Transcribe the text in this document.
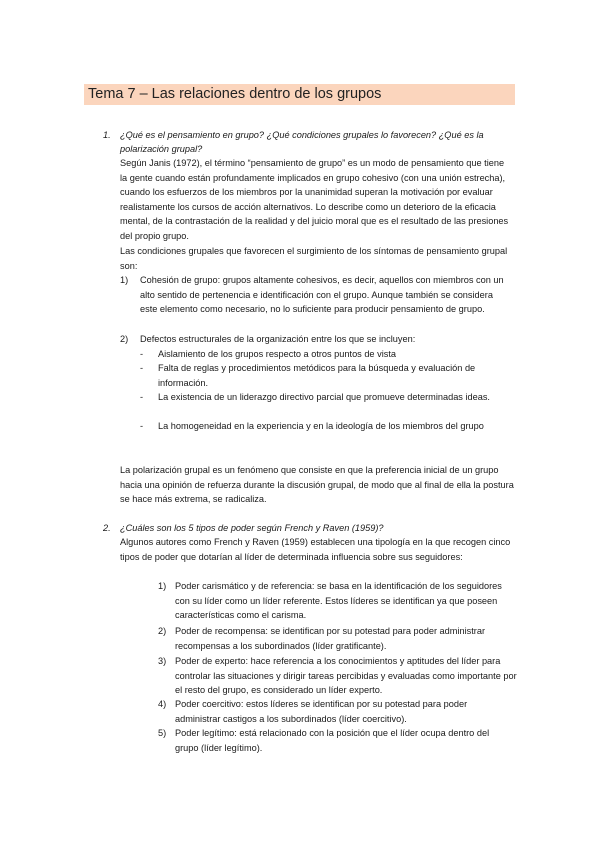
Tema 7 – Las relaciones dentro de los grupos
1. ¿Qué es el pensamiento en grupo? ¿Qué condiciones grupales lo favorecen? ¿Qué es la polarización grupal?
Según Janis (1972), el término “pensamiento de grupo” es un modo de pensamiento que tiene la gente cuando están profundamente implicados en grupo cohesivo (con una unión estrecha), cuando los esfuerzos de los miembros por la unanimidad superan la motivación por evaluar realistamente los cursos de acción alternativos. Lo describe como un deterioro de la eficacia mental, de la contrastación de la realidad y del juicio moral que es el resultado de las presiones del propio grupo.
Las condiciones grupales que favorecen el surgimiento de los síntomas de pensamiento grupal son:
1) Cohesión de grupo: grupos altamente cohesivos, es decir, aquellos con miembros con un alto sentido de pertenencia e identificación con el grupo. Aunque también se considera este elemento como necesario, no lo suficiente para producir pensamiento de grupo.
2) Defectos estructurales de la organización entre los que se incluyen:
- Aislamiento de los grupos respecto a otros puntos de vista
- Falta de reglas y procedimientos metódicos para la búsqueda y evaluación de información.
- La existencia de un liderazgo directivo parcial que promueve determinadas ideas.
- La homogeneidad en la experiencia y en la ideología de los miembros del grupo
La polarización grupal es un fenómeno que consiste en que la preferencia inicial de un grupo hacia una opinión de refuerza durante la discusión grupal, de modo que al final de ella la postura se hace más extrema, se radicaliza.
2. ¿Cuáles son los 5 tipos de poder según French y Raven (1959)?
Algunos autores como French y Raven (1959) establecen una tipología en la que recogen cinco tipos de poder que dotarían al líder de determinada influencia sobre sus seguidores:
1) Poder carismático y de referencia: se basa en la identificación de los seguidores con su líder como un líder referente. Estos líderes se identifican ya que poseen características como el carisma.
2) Poder de recompensa: se identifican por su potestad para poder administrar recompensas a los subordinados (líder gratificante).
3) Poder de experto: hace referencia a los conocimientos y aptitudes del líder para controlar las situaciones y dirigir tareas percibidas y evaluadas como importante por el resto del grupo, es considerado un líder experto.
4) Poder coercitivo: estos líderes se identifican por su potestad para poder administrar castigos a los subordinados (líder coercitivo).
5) Poder legítimo: está relacionado con la posición que el líder ocupa dentro del grupo (líder legítimo).
